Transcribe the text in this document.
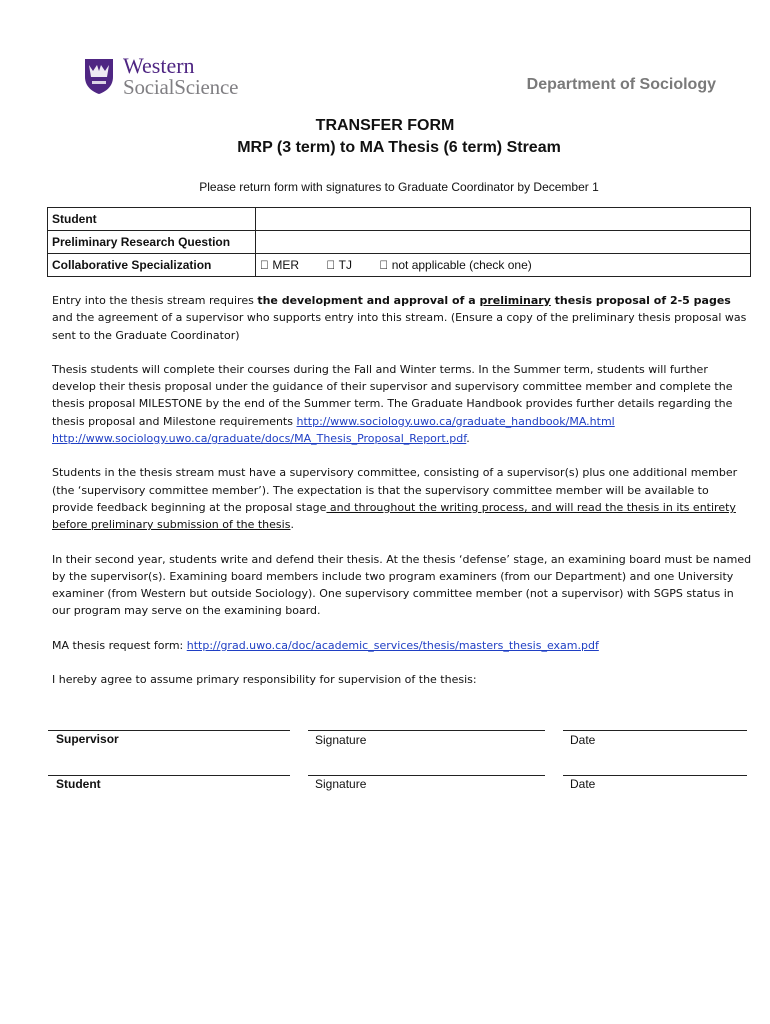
Western
SocialScience	Department of Sociology
TRANSFER FORM
MRP (3 term) to MA Thesis (6 term) Stream
Please return form with signatures to Graduate Coordinator by December 1
Student	
Preliminary Research Question	
Collaborative Specialization	MER TJ not applicable (check one)

Entry into the thesis stream requires the development and approval of a preliminary thesis proposal of 2-5 pages and the agreement of a supervisor who supports entry into this stream. (Ensure a copy of the preliminary thesis proposal was sent to the Graduate Coordinator)

Thesis students will complete their courses during the Fall and Winter terms. In the Summer term, students will further develop their thesis proposal under the guidance of their supervisor and supervisory committee member and complete the thesis proposal MILESTONE by the end of the Summer term. The Graduate Handbook provides further details regarding the thesis proposal and Milestone requirements http://www.sociology.uwo.ca/graduate_handbook/MA.html
http://www.sociology.uwo.ca/graduate/docs/MA_Thesis_Proposal_Report.pdf.

Students in the thesis stream must have a supervisory committee, consisting of a supervisor(s) plus one additional member (the ‘supervisory committee member’). The expectation is that the supervisory committee member will be available to provide feedback beginning at the proposal stage and throughout the writing process, and will read the thesis in its entirety before preliminary submission of the thesis.

In their second year, students write and defend their thesis. At the thesis ‘defense’ stage, an examining board must be named by the supervisor(s). Examining board members include two program examiners (from our Department) and one University examiner (from Western but outside Sociology). One supervisory committee member (not a supervisor) with SGPS status in our program may serve on the examining board.

MA thesis request form: http://grad.uwo.ca/doc/academic_services/thesis/masters_thesis_exam.pdf

I hereby agree to assume primary responsibility for supervision of the thesis:

Supervisor	Signature	Date
Student	Signature	Date
